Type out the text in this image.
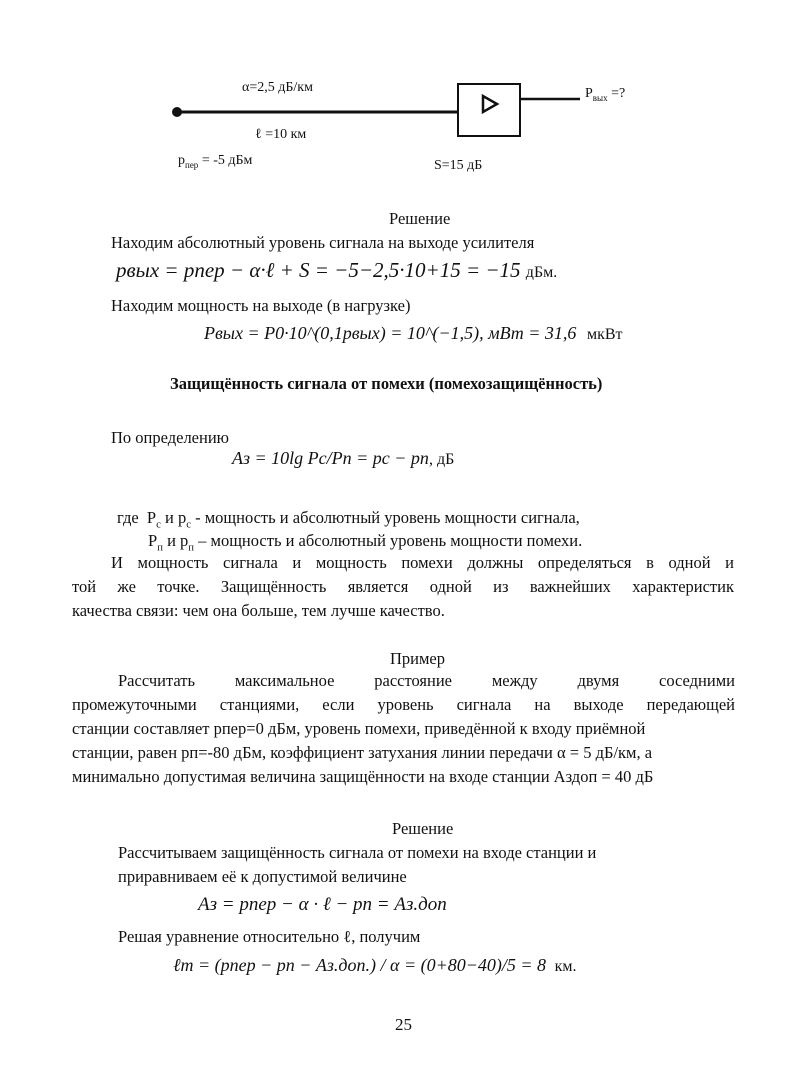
α=2,5 дБ/км
ℓ =10 км
$p_{пер} = -5$ дБм	S=15 дБ
$P_{вых}$ =?
Решение
Находим абсолютный уровень сигнала на выходе усилителя
pвых = pпер − α·ℓ + S = −5−2,5·10+15 = −15 дБм.
Находим мощность на выходе (в нагрузке)
Pвых = P0·10^(0,1pвых) = 10^(−1,5), мВт = 31,6 мкВт
Защищённость сигнала от помехи (помехозащищённость)
По определению
Aз = 10lg Pc/Pп = pc − pп, дБ
где  $P_c$ и $p_c$ - мощность и абсолютный уровень мощности сигнала,
$P_п$ и $p_п$ – мощность и абсолютный уровень мощности помехи.
И мощность сигнала и мощность помехи должны определяться в одной и
той же точке. Защищённость является одной из важнейших характеристик
качества связи: чем она больше, тем лучше качество.
Пример
Рассчитать максимальное расстояние между двумя соседними
промежуточными станциями, если уровень сигнала на выходе передающей
станции составляет pпер=0 дБм, уровень помехи, приведённой к входу приёмной
станции, равен pп=-80 дБм, коэффициент затухания линии передачи α = 5 дБ/км, а
минимально допустимая величина защищённости на входе станции Aздоп = 40 дБ
Решение
Рассчитываем защищённость сигнала от помехи на входе станции и
приравниваем её к допустимой величине
Aз = pпер − α · ℓ − pп = Aз.доп
Решая уравнение относительно ℓ, получим
ℓm = (pпер − pп − Aз.доп.) / α = (0+80−40)/5 = 8 км.
25
